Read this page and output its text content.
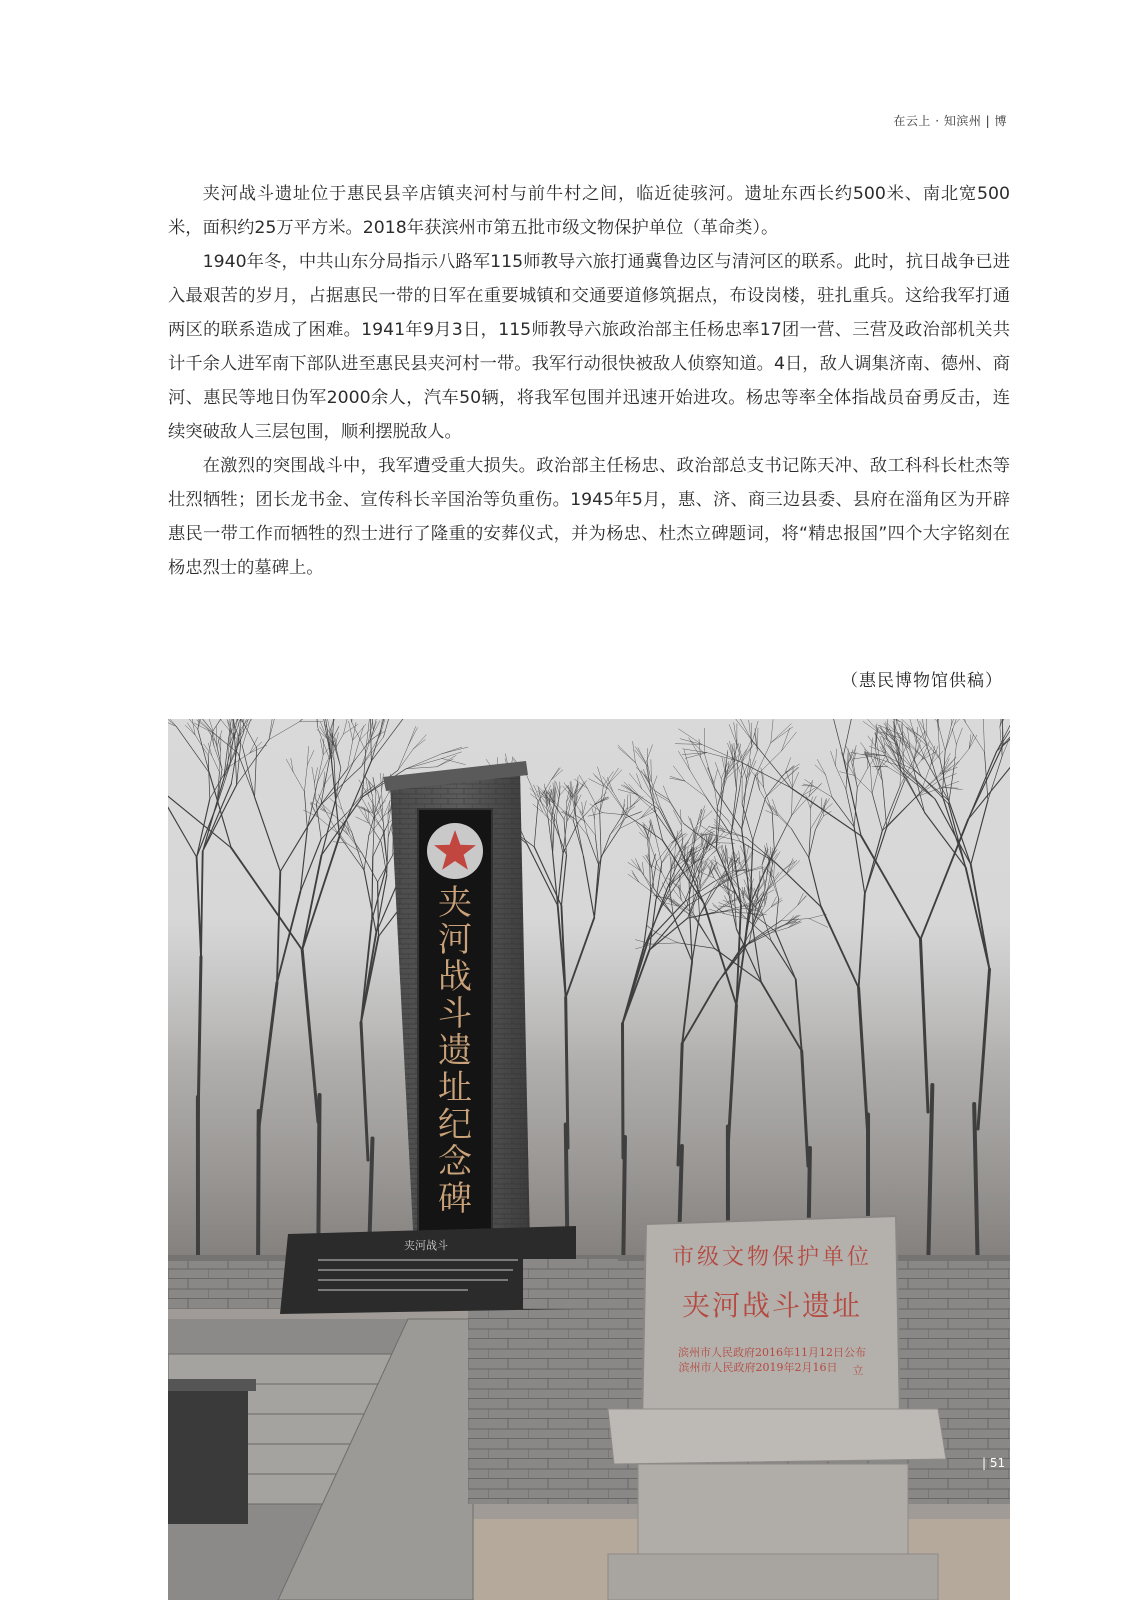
在云上 · 知滨州 | 博

夹河战斗遗址位于惠民县辛店镇夹河村与前牛村之间，临近徒骇河。遗址东西长约500米、南北宽500米，面积约25万平方米。2018年获滨州市第五批市级文物保护单位（革命类）。

1940年冬，中共山东分局指示八路军115师教导六旅打通冀鲁边区与清河区的联系。此时，抗日战争已进入最艰苦的岁月，占据惠民一带的日军在重要城镇和交通要道修筑据点，布设岗楼，驻扎重兵。这给我军打通两区的联系造成了困难。1941年9月3日，115师教导六旅政治部主任杨忠率17团一营、三营及政治部机关共计千余人进军南下部队进至惠民县夹河村一带。我军行动很快被敌人侦察知道。4日，敌人调集济南、德州、商河、惠民等地日伪军2000余人，汽车50辆，将我军包围并迅速开始进攻。杨忠等率全体指战员奋勇反击，连续突破敌人三层包围，顺利摆脱敌人。

在激烈的突围战斗中，我军遭受重大损失。政治部主任杨忠、政治部总支书记陈天冲、敌工科科长杜杰等壮烈牺牲；团长龙书金、宣传科长辛国治等负重伤。1945年5月，惠、济、商三边县委、县府在淄角区为开辟惠民一带工作而牺牲的烈士进行了隆重的安葬仪式，并为杨忠、杜杰立碑题词，将“精忠报国”四个大字铭刻在杨忠烈士的墓碑上。

（惠民博物馆供稿）
夹
河
战
斗
遗
址
纪
念
碑
夹河战斗	市级文物保护单位
夹河战斗遗址
滨州市人民政府2016年11月12日公布
滨州市人民政府2019年2月16日 立
| 51 |
